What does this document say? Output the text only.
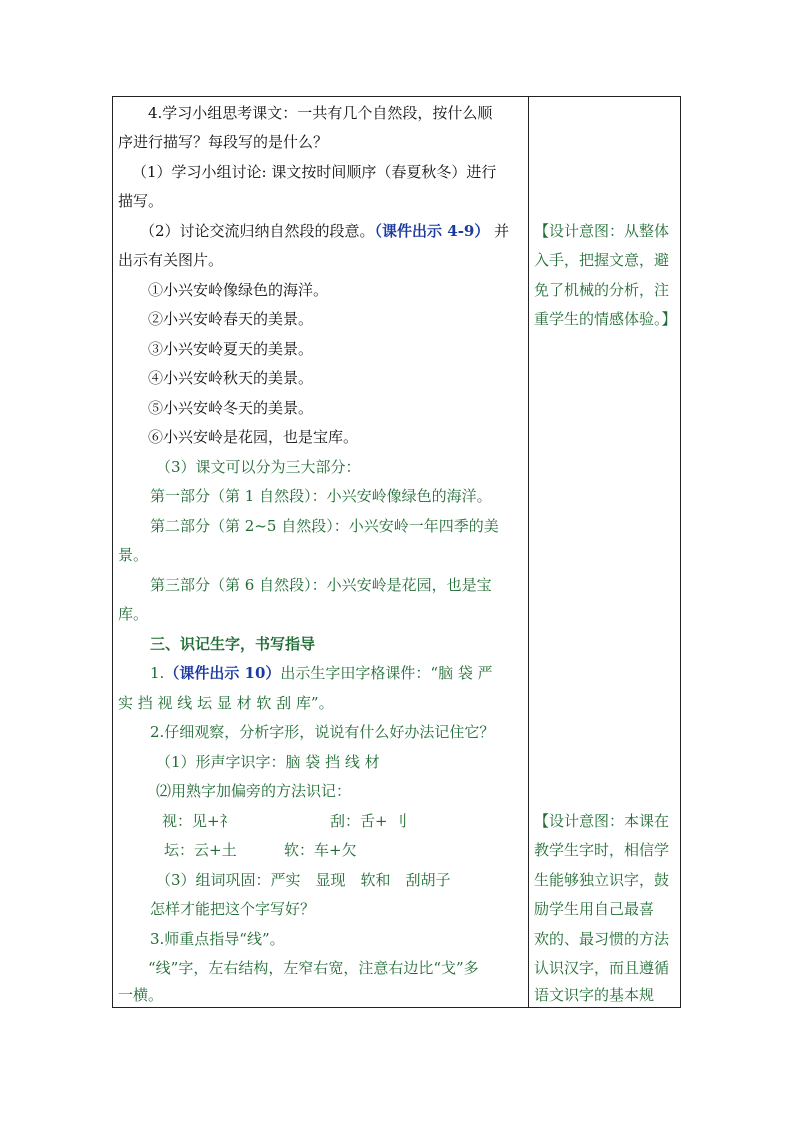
4.学习小组思考课文：一共有几个自然段，按什么顺
序进行描写？每段写的是什么？
（1）学习小组讨论: 课文按时间顺序（春夏秋冬）进行
描写。
（2）讨论交流归纳自然段的段意。（课件出示 4-9） 并
出示有关图片。
①小兴安岭像绿色的海洋。
②小兴安岭春天的美景。
③小兴安岭夏天的美景。
④小兴安岭秋天的美景。
⑤小兴安岭冬天的美景。
⑥小兴安岭是花园，也是宝库。
（3）课文可以分为三大部分：
第一部分（第 1 自然段）：小兴安岭像绿色的海洋。
第二部分（第 2~5 自然段）：小兴安岭一年四季的美
景。
第三部分（第 6 自然段）：小兴安岭是花园，也是宝
库。
三、识记生字，书写指导
1.（课件出示 10）出示生字田字格课件：“脑 袋 严
实 挡 视 线 坛 显 材 软 刮 库”。
2.仔细观察，分析字形，说说有什么好办法记住它？
（1）形声字识字：脑 袋 挡 线 材
⑵用熟字加偏旁的方法识记：
视：见+礻	刮：舌+ 刂
坛：云+土	软：车+欠
（3）组词巩固：严实　显现　软和　刮胡子
怎样才能把这个字写好？
3.师重点指导“线”。
“线”字，左右结构，左窄右宽，注意右边比“戈”多
一横。
【设计意图：从整体
入手，把握文意，避
免了机械的分析，注
重学生的情感体验。】
【设计意图：本课在
教学生字时，相信学
生能够独立识字，鼓
励学生用自己最喜
欢的、最习惯的方法
认识汉字，而且遵循
语文识字的基本规
